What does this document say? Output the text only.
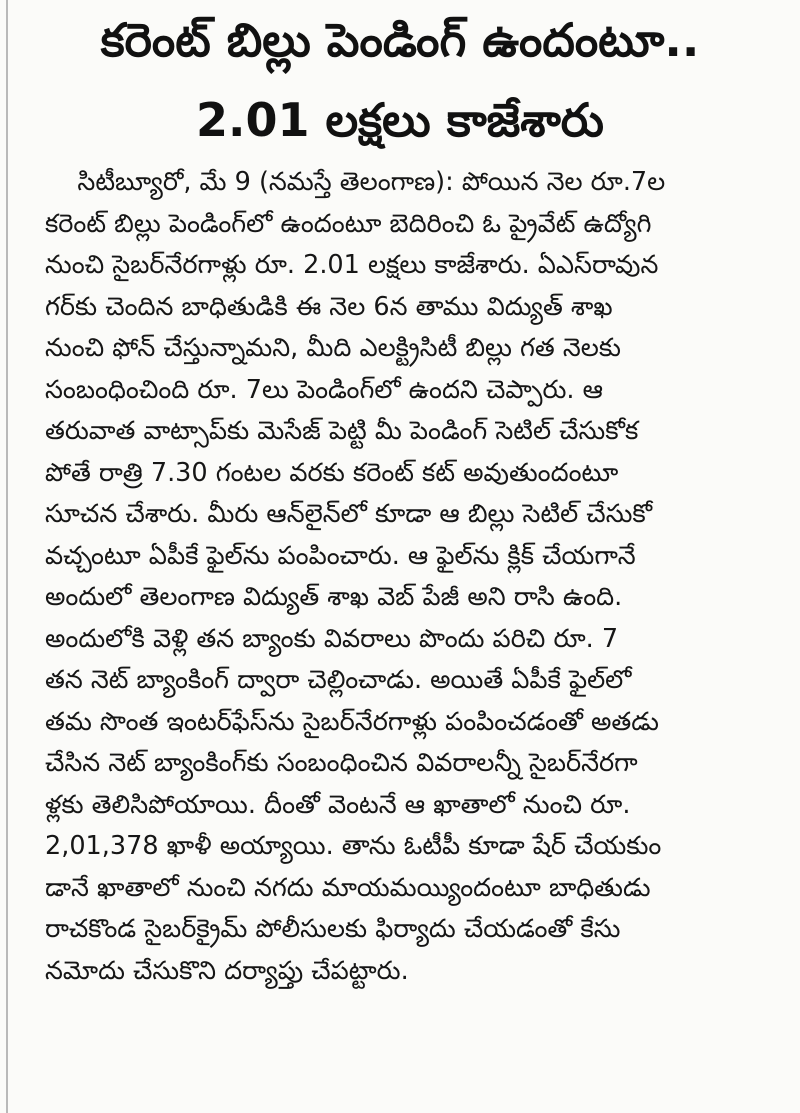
కరెంట్ బిల్లు పెండింగ్ ఉందంటూ..
2.01 లక్షలు కాజేశారు
సిటీబ్యూరో, మే 9 (నమస్తే తెలంగాణ): పోయిన నెల రూ.7ల
కరెంట్ బిల్లు పెండింగ్‌లో ఉందంటూ బెదిరించి ఓ ప్రైవేట్ ఉద్యోగి
నుంచి సైబర్‌నేరగాళ్లు రూ. 2.01 లక్షలు కాజేశారు. ఏఎస్‌రావున
గర్‌కు చెందిన బాధితుడికి ఈ నెల 6న తాము విద్యుత్ శాఖ
నుంచి ఫోన్ చేస్తున్నామని, మీది ఎలక్ట్రిసిటీ బిల్లు గత నెలకు
సంబంధించింది రూ. 7లు పెండింగ్‌లో ఉందని చెప్పారు. ఆ
తరువాత వాట్సాప్‌కు మెసేజ్ పెట్టి మీ పెండింగ్ సెటిల్ చేసుకోక
పోతే రాత్రి 7.30 గంటల వరకు కరెంట్ కట్ అవుతుందంటూ
సూచన చేశారు. మీరు ఆన్‌లైన్‌లో కూడా ఆ బిల్లు సెటిల్ చేసుకో
వచ్చంటూ ఏపీకే ఫైల్‌ను పంపించారు. ఆ ఫైల్‌ను క్లిక్ చేయగానే
అందులో తెలంగాణ విద్యుత్ శాఖ వెబ్ పేజీ అని రాసి ఉంది.
అందులోకి వెళ్లి తన బ్యాంకు వివరాలు పొందు పరిచి రూ. 7
తన నెట్ బ్యాంకింగ్ ద్వారా చెల్లించాడు. అయితే ఏపీకే ఫైల్‌లో
తమ సొంత ఇంటర్‌ఫేస్‌ను సైబర్‌నేరగాళ్లు పంపించడంతో అతడు
చేసిన నెట్ బ్యాంకింగ్‌కు సంబంధించిన వివరాలన్నీ సైబర్‌నేరగా
ళ్లకు తెలిసిపోయాయి. దీంతో వెంటనే ఆ ఖాతాలో నుంచి రూ.
2,01,378 ఖాళీ అయ్యాయి. తాను ఓటీపీ కూడా షేర్ చేయకుం
డానే ఖాతాలో నుంచి నగదు మాయమయ్యిందంటూ బాధితుడు
రాచకొండ సైబర్‌క్రైమ్ పోలీసులకు ఫిర్యాదు చేయడంతో కేసు
నమోదు చేసుకొని దర్యాప్తు చేపట్టారు.
